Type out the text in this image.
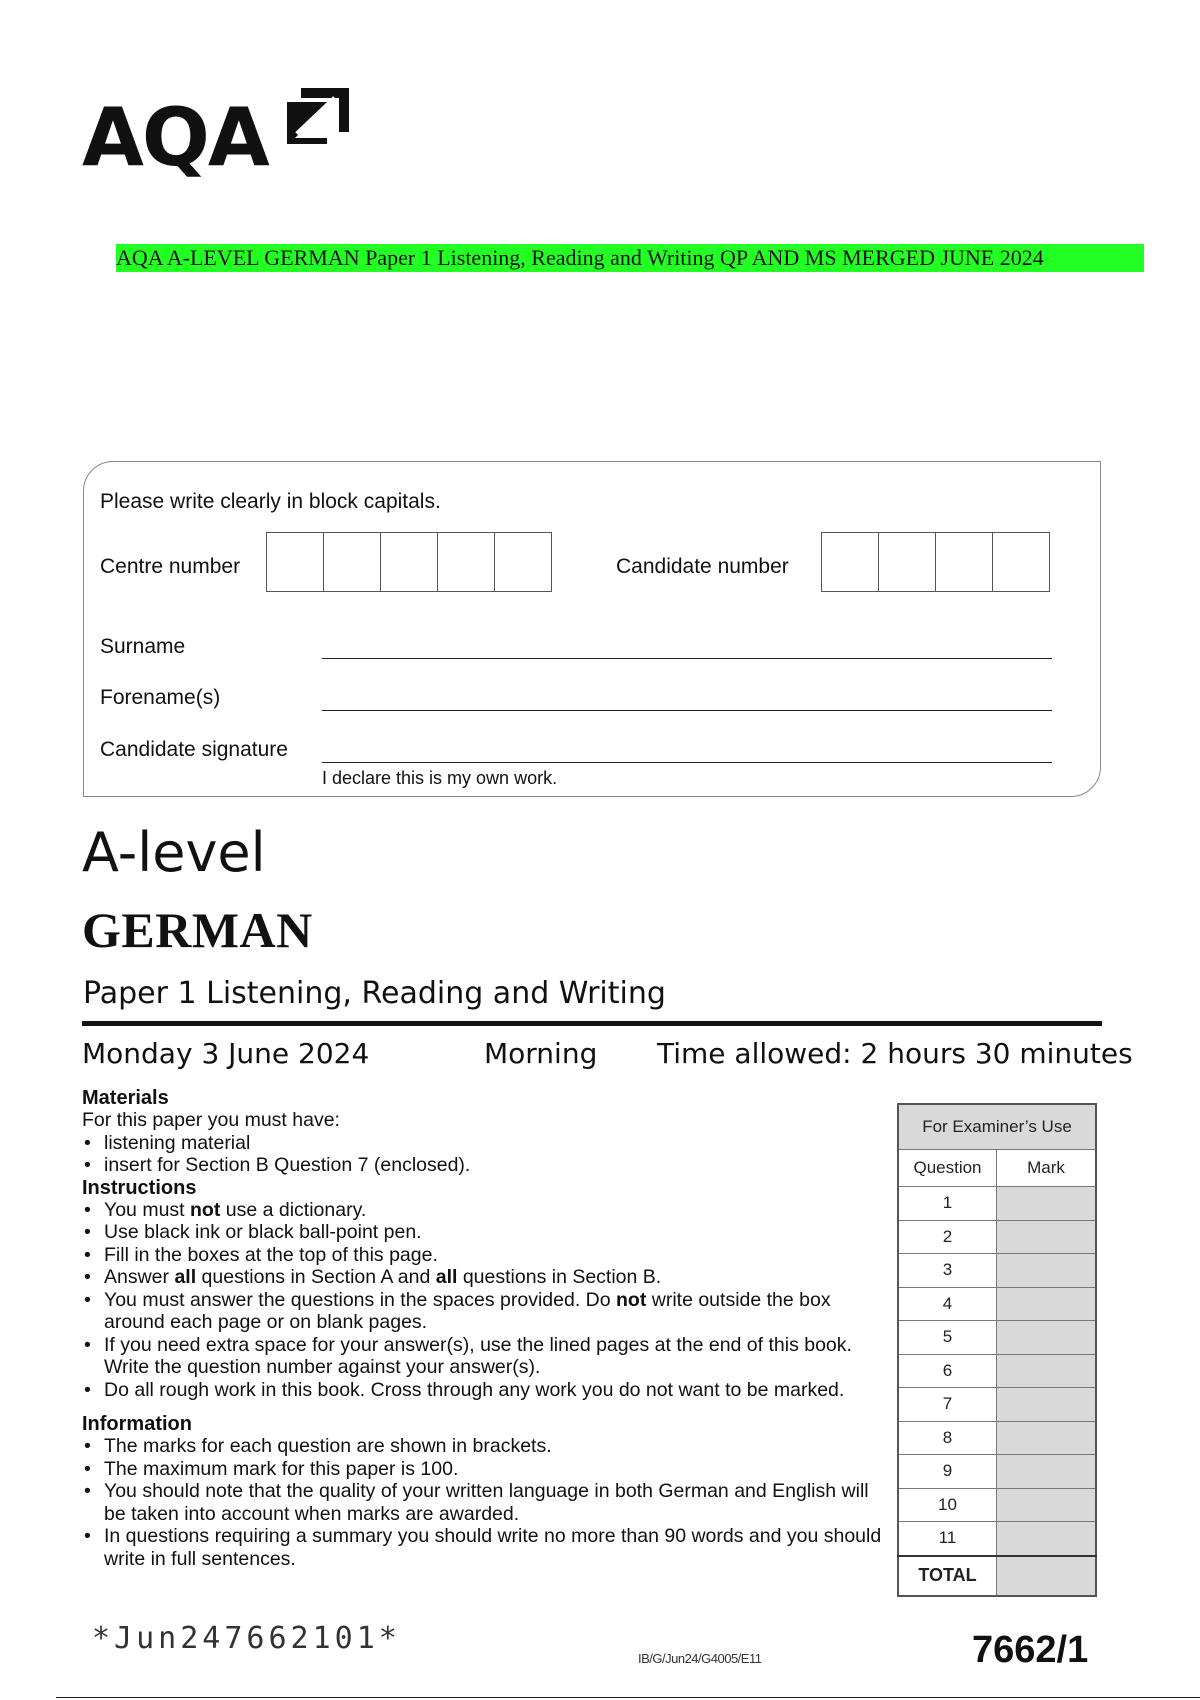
AQA
AQA A-LEVEL GERMAN Paper 1 Listening, Reading and Writing QP AND MS MERGED JUNE 2024
Please write clearly in block capitals.
Centre number	Candidate number
Surname
Forename(s)
Candidate signature
I declare this is my own work.
A-level
GERMAN
Paper 1 Listening, Reading and Writing
Monday 3 June 2024	Morning Time allowed: 2 hours 30 minutes
Materials
For this paper you must have:
• listening material
• insert for Section B Question 7 (enclosed).
Instructions
• You must not use a dictionary.
• Use black ink or black ball-point pen.
• Fill in the boxes at the top of this page.
• Answer all questions in Section A and all questions in Section B.
• You must answer the questions in the spaces provided. Do not write outside the box around each page or on blank pages.
• If you need extra space for your answer(s), use the lined pages at the end of this book. Write the question number against your answer(s).
• Do all rough work in this book. Cross through any work you do not want to be marked.
Information
• The marks for each question are shown in brackets.
• The maximum mark for this paper is 100.
• You should note that the quality of your written language in both German and English will be taken into account when marks are awarded.
• In questions requiring a summary you should write no more than 90 words and you should write in full sentences.
For Examiner’s Use	
Question	Mark
1	
2	
3	
4	
5	
6	
7	
8	
9	
10	
11	
TOTAL	
*Jun247662101*
IB/G/Jun24/G4005/E11	7662/1
